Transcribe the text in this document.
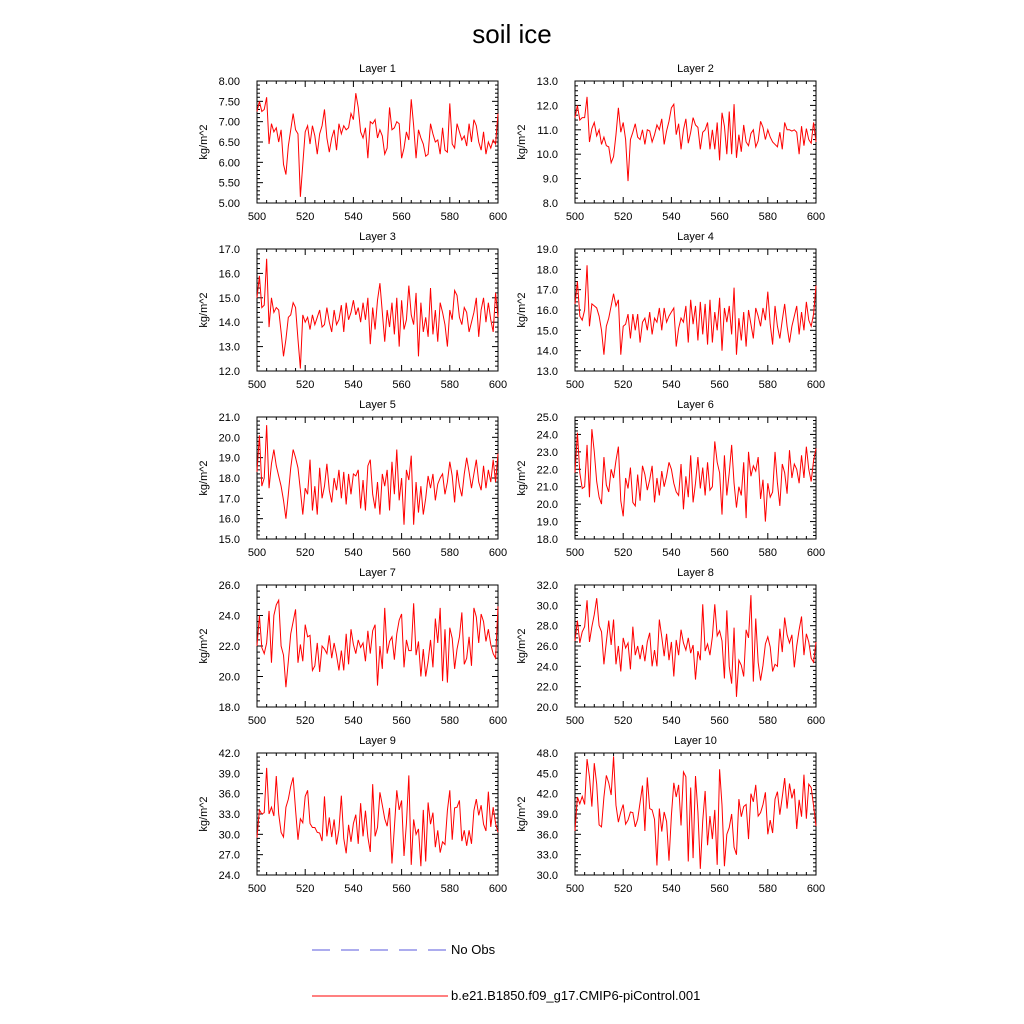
soil ice
Layer 1
kg/m^2
500	520	540	560	580	600
5.00
5.50
6.00
6.50
7.00
7.50
8.00
Layer 2
kg/m^2
500	520	540	560	580	600
8.0
9.0
10.0
11.0
12.0
13.0
Layer 3
kg/m^2
500	520	540	560	580	600
12.0
13.0
14.0
15.0
16.0
17.0
Layer 4
kg/m^2
500	520	540	560	580	600
13.0
14.0
15.0
16.0
17.0
18.0
19.0
Layer 5
kg/m^2
500	520	540	560	580	600
15.0
16.0
17.0
18.0
19.0
20.0
21.0
Layer 6
kg/m^2
500	520	540	560	580	600
18.0
19.0
20.0
21.0
22.0
23.0
24.0
25.0
Layer 7
kg/m^2
500	520	540	560	580	600
18.0
20.0
22.0
24.0
26.0
Layer 8
kg/m^2
500	520	540	560	580	600
20.0
22.0
24.0
26.0
28.0
30.0
32.0
Layer 9
kg/m^2
500	520	540	560	580	600
24.0
27.0
30.0
33.0
36.0
39.0
42.0
Layer 10
kg/m^2
500	520	540	560	580	600
30.0
33.0
36.0
39.0
42.0
45.0
48.0
No Obs
b.e21.B1850.f09_g17.CMIP6-piControl.001
